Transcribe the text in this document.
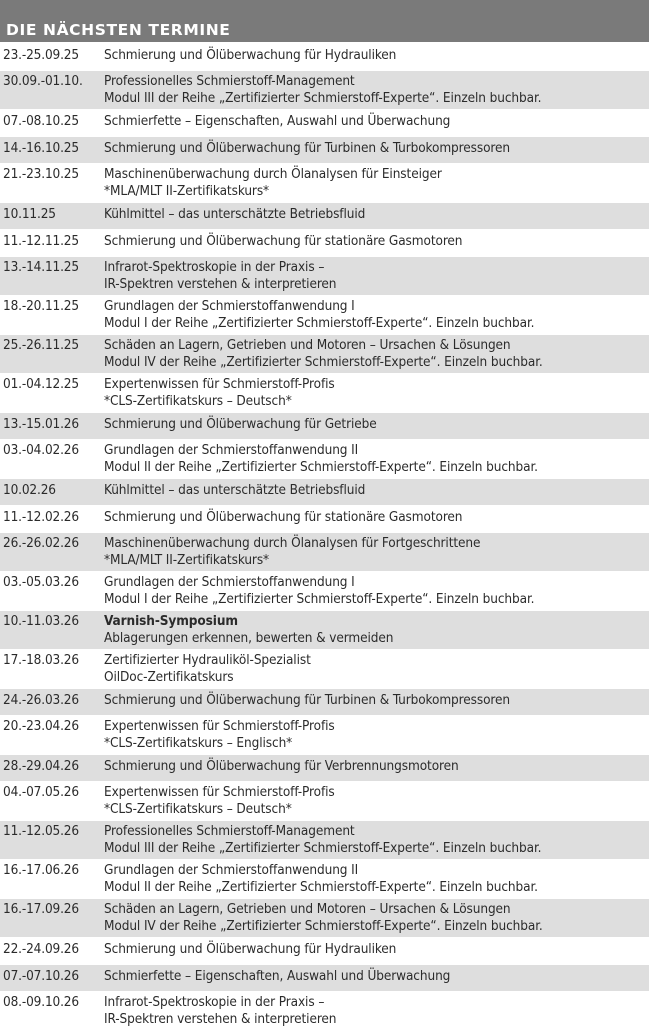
DIE NÄCHSTEN TERMINE
23.-25.09.25	Schmierung und Ölüberwachung für Hydrauliken
30.09.-01.10.	Professionelles Schmierstoff-Management
Modul III der Reihe „Zertifizierter Schmierstoff-Experte“. Einzeln buchbar.
07.-08.10.25	Schmierfette – Eigenschaften, Auswahl und Überwachung
14.-16.10.25	Schmierung und Ölüberwachung für Turbinen & Turbokompressoren
21.-23.10.25	Maschinenüberwachung durch Ölanalysen für Einsteiger
*MLA/MLT II-Zertifikatskurs*
10.11.25	Kühlmittel – das unterschätzte Betriebsfluid
11.-12.11.25	Schmierung und Ölüberwachung für stationäre Gasmotoren
13.-14.11.25	Infrarot-Spektroskopie in der Praxis –
IR-Spektren verstehen & interpretieren
18.-20.11.25	Grundlagen der Schmierstoffanwendung I
Modul I der Reihe „Zertifizierter Schmierstoff-Experte“. Einzeln buchbar.
25.-26.11.25	Schäden an Lagern, Getrieben und Motoren – Ursachen & Lösungen
Modul IV der Reihe „Zertifizierter Schmierstoff-Experte“. Einzeln buchbar.
01.-04.12.25	Expertenwissen für Schmierstoff-Profis
*CLS-Zertifikatskurs – Deutsch*
13.-15.01.26	Schmierung und Ölüberwachung für Getriebe
03.-04.02.26	Grundlagen der Schmierstoffanwendung II
Modul II der Reihe „Zertifizierter Schmierstoff-Experte“. Einzeln buchbar.
10.02.26	Kühlmittel – das unterschätzte Betriebsfluid
11.-12.02.26	Schmierung und Ölüberwachung für stationäre Gasmotoren
26.-26.02.26	Maschinenüberwachung durch Ölanalysen für Fortgeschrittene
*MLA/MLT II-Zertifikatskurs*
03.-05.03.26	Grundlagen der Schmierstoffanwendung I
Modul I der Reihe „Zertifizierter Schmierstoff-Experte“. Einzeln buchbar.
10.-11.03.26	Varnish-Symposium
Ablagerungen erkennen, bewerten & vermeiden
17.-18.03.26	Zertifizierter Hydrauliköl-Spezialist
OilDoc-Zertifikatskurs
24.-26.03.26	Schmierung und Ölüberwachung für Turbinen & Turbokompressoren
20.-23.04.26	Expertenwissen für Schmierstoff-Profis
*CLS-Zertifikatskurs – Englisch*
28.-29.04.26	Schmierung und Ölüberwachung für Verbrennungsmotoren
04.-07.05.26	Expertenwissen für Schmierstoff-Profis
*CLS-Zertifikatskurs – Deutsch*
11.-12.05.26	Professionelles Schmierstoff-Management
Modul III der Reihe „Zertifizierter Schmierstoff-Experte“. Einzeln buchbar.
16.-17.06.26	Grundlagen der Schmierstoffanwendung II
Modul II der Reihe „Zertifizierter Schmierstoff-Experte“. Einzeln buchbar.
16.-17.09.26	Schäden an Lagern, Getrieben und Motoren – Ursachen & Lösungen
Modul IV der Reihe „Zertifizierter Schmierstoff-Experte“. Einzeln buchbar.
22.-24.09.26	Schmierung und Ölüberwachung für Hydrauliken
07.-07.10.26	Schmierfette – Eigenschaften, Auswahl und Überwachung
08.-09.10.26	Infrarot-Spektroskopie in der Praxis –
IR-Spektren verstehen & interpretieren
